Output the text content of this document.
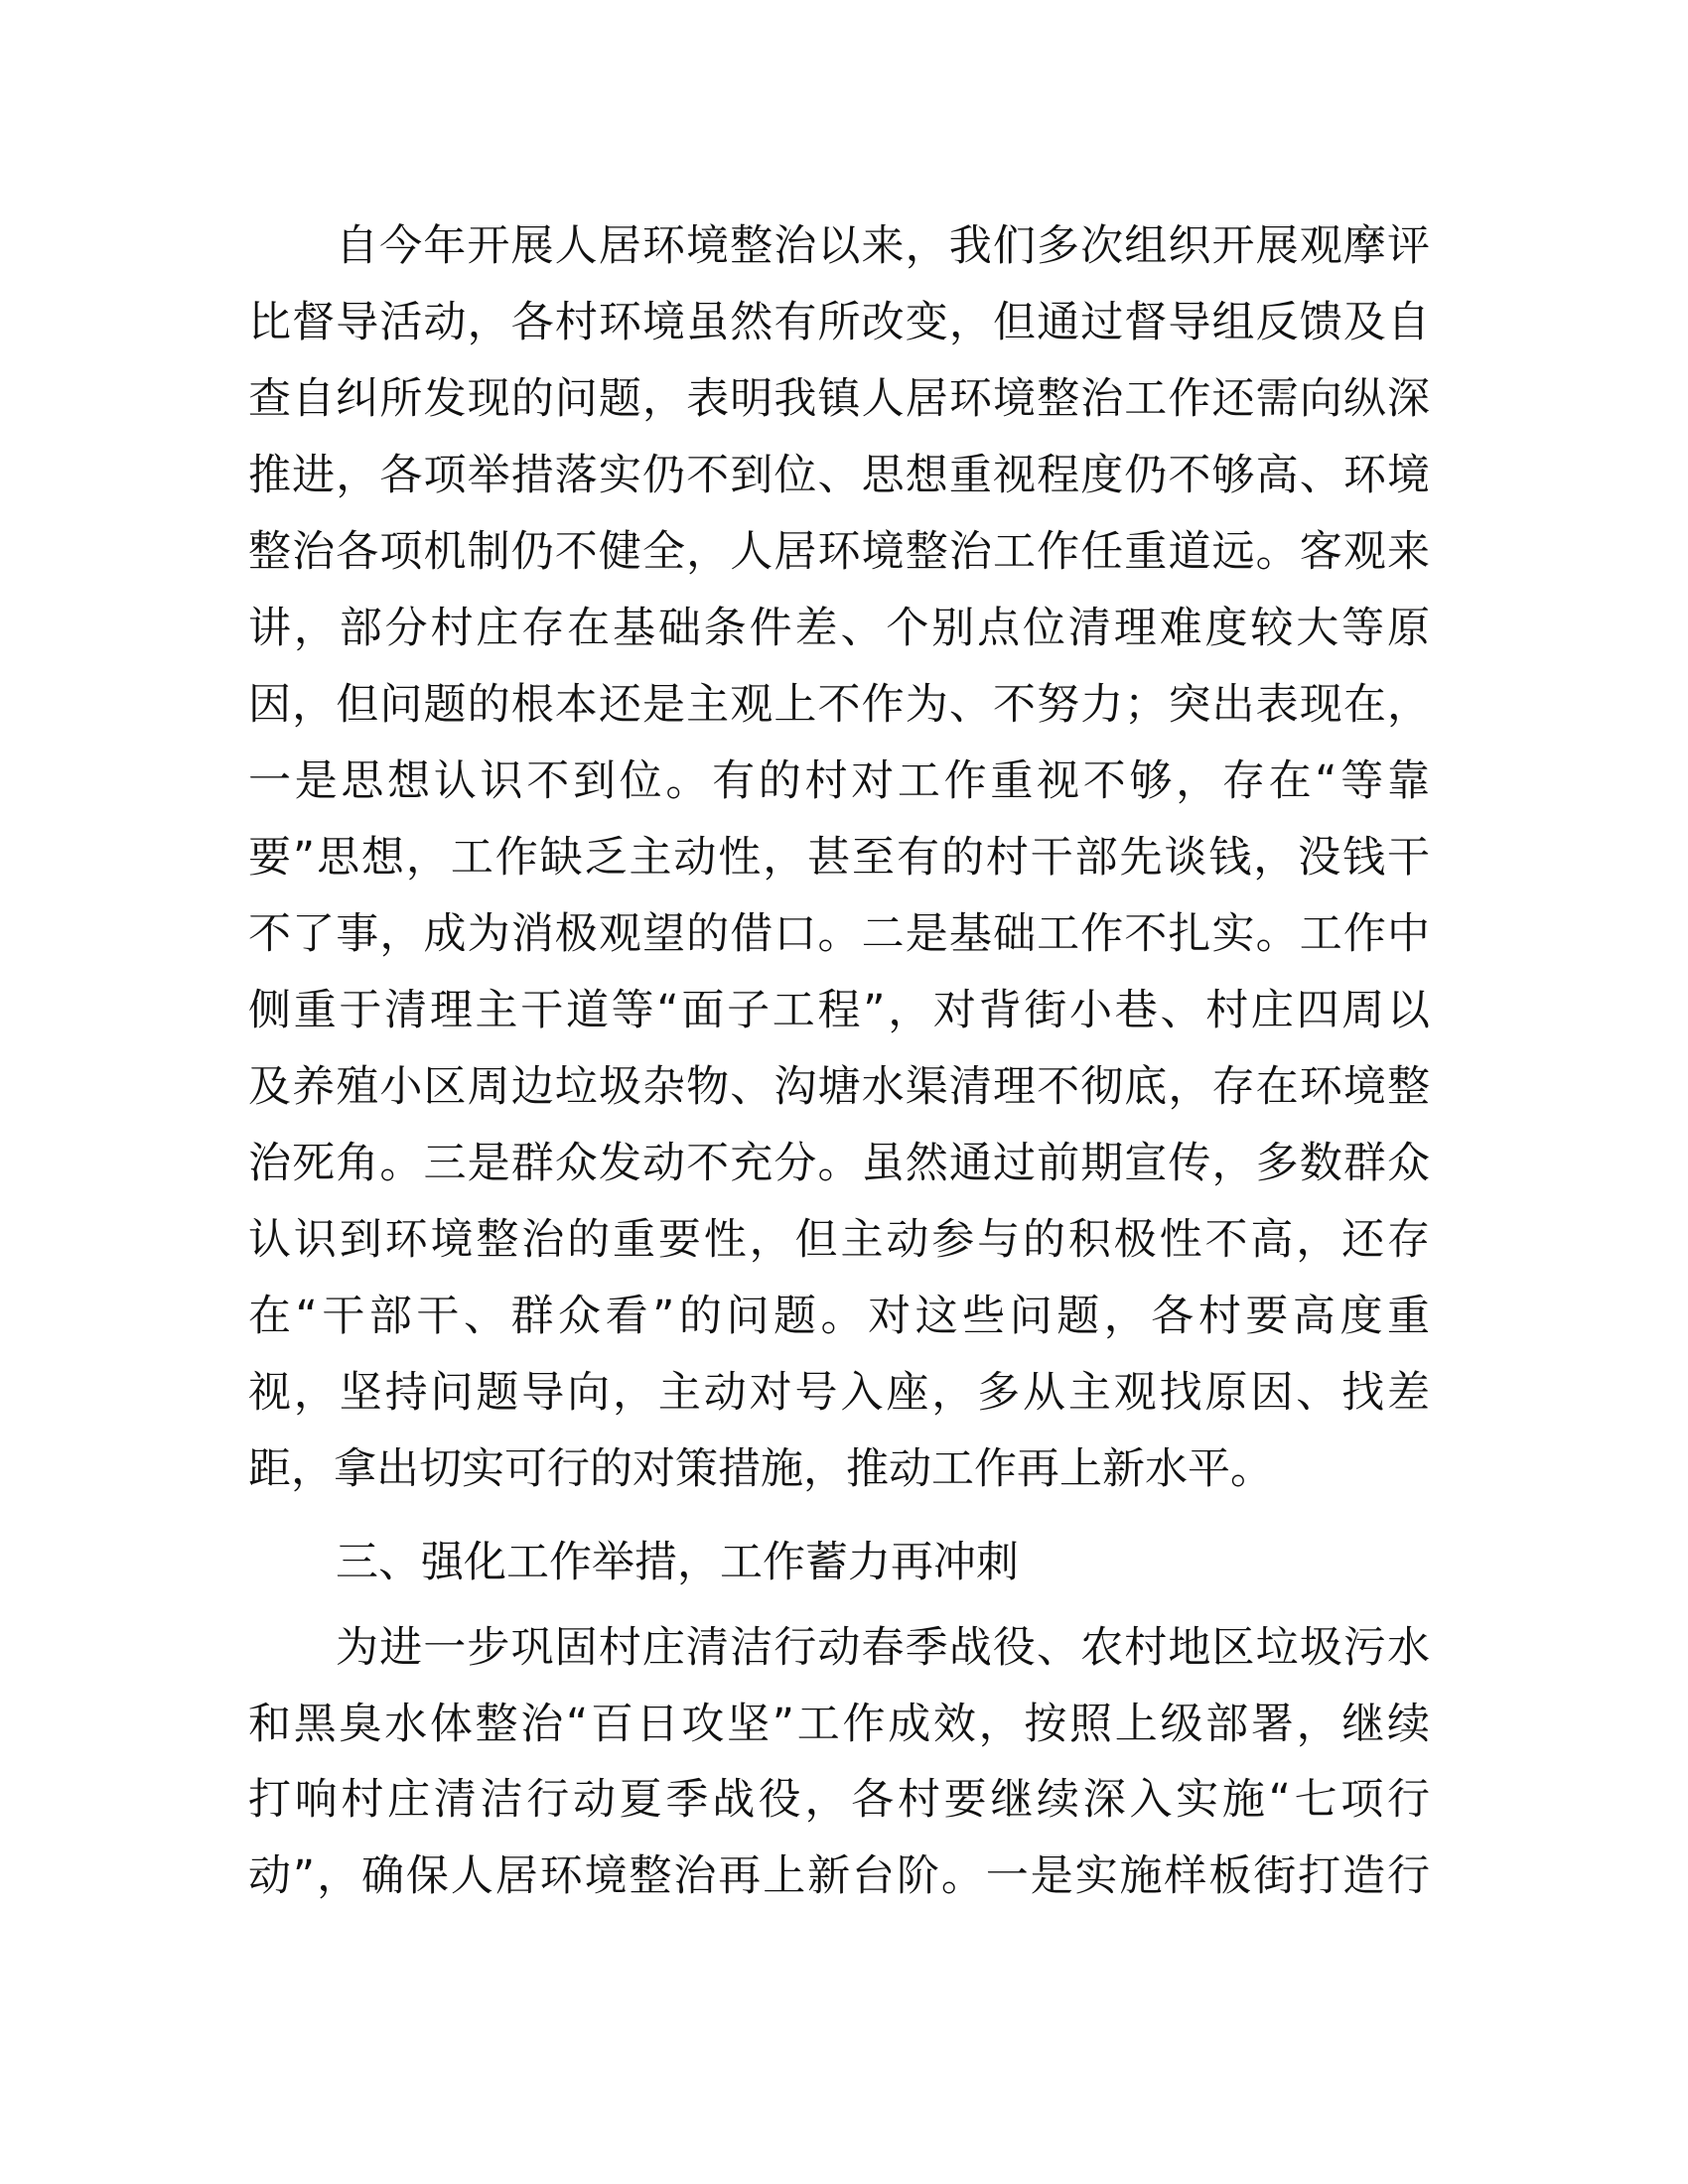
自今年开展人居环境整治以来，我们多次组织开展观摩评
比督导活动，各村环境虽然有所改变，但通过督导组反馈及自
查自纠所发现的问题，表明我镇人居环境整治工作还需向纵深
推进，各项举措落实仍不到位、思想重视程度仍不够高、环境
整治各项机制仍不健全，人居环境整治工作任重道远。客观来
讲，部分村庄存在基础条件差、个别点位清理难度较大等原
因，但问题的根本还是主观上不作为、不努力；突出表现在，
一是思想认识不到位。有的村对工作重视不够，存在“等靠
要”思想，工作缺乏主动性，甚至有的村干部先谈钱，没钱干
不了事，成为消极观望的借口。二是基础工作不扎实。工作中
侧重于清理主干道等“面子工程”，对背街小巷、村庄四周以
及养殖小区周边垃圾杂物、沟塘水渠清理不彻底，存在环境整
治死角。三是群众发动不充分。虽然通过前期宣传，多数群众
认识到环境整治的重要性，但主动参与的积极性不高，还存
在“干部干、群众看”的问题。对这些问题，各村要高度重
视，坚持问题导向，主动对号入座，多从主观找原因、找差
距，拿出切实可行的对策措施，推动工作再上新水平。
三、强化工作举措，工作蓄力再冲刺
为进一步巩固村庄清洁行动春季战役、农村地区垃圾污水
和黑臭水体整治“百日攻坚”工作成效，按照上级部署，继续
打响村庄清洁行动夏季战役，各村要继续深入实施“七项行
动”，确保人居环境整治再上新台阶。一是实施样板街打造行
